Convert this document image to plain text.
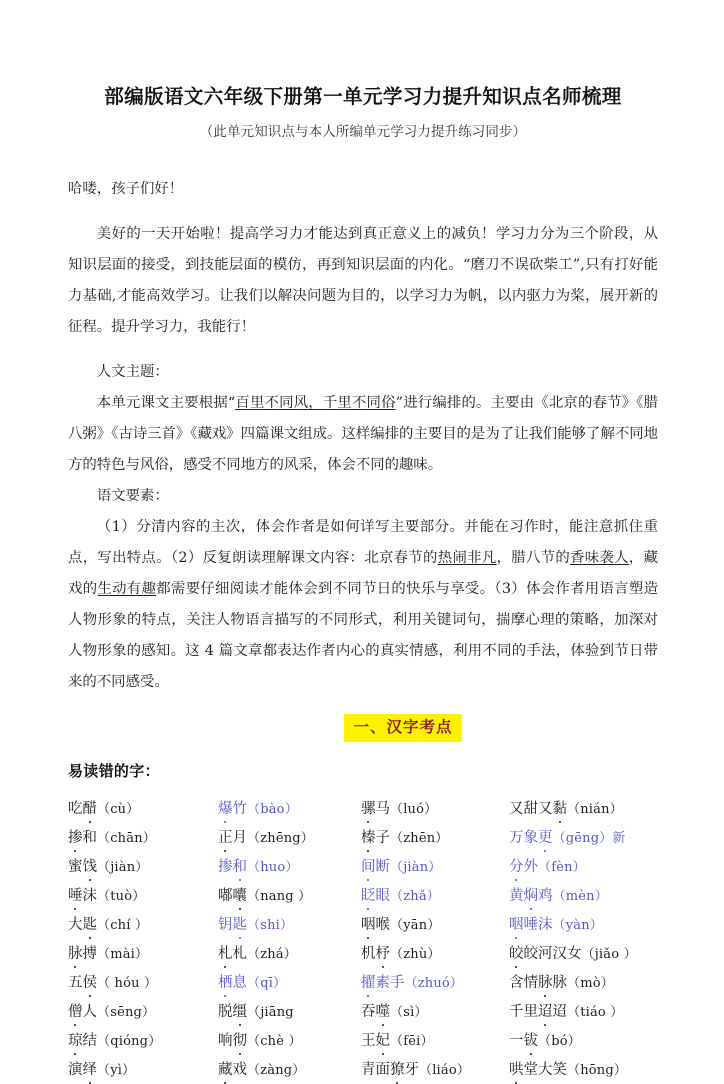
部编版语文六年级下册第一单元学习力提升知识点名师梳理
（此单元知识点与本人所编单元学习力提升练习同步）

哈喽，孩子们好！

美好的一天开始啦！提高学习力才能达到真正意义上的减负！学习力分为三个阶段，从知识层面的接受，到技能层面的模仿，再到知识层面的内化。“磨刀不误砍柴工”,只有打好能力基础,才能高效学习。让我们以解决问题为目的，以学习力为帆，以内驱力为桨，展开新的征程。提升学习力，我能行！

人文主题：

本单元课文主要根据“百里不同风，千里不同俗”进行编排的。主要由《北京的春节》《腊八粥》《古诗三首》《藏戏》四篇课文组成。这样编排的主要目的是为了让我们能够了解不同地方的特色与风俗，感受不同地方的风采，体会不同的趣味。

语文要素：

（1）分清内容的主次，体会作者是如何详写主要部分。并能在习作时，能注意抓住重点，写出特点。（2）反复朗读理解课文内容：北京春节的热闹非凡，腊八节的香味袭人，藏戏的生动有趣都需要仔细阅读才能体会到不同节日的快乐与享受。（3）体会作者用语言塑造人物形象的特点，关注人物语言描写的不同形式，利用关键词句，揣摩心理的策略，加深对人物形象的感知。这 4 篇文章都表达作者内心的真实情感，利用不同的手法，体验到节日带来的不同感受。

一、汉字考点
易读错的字：
吃醋（cù）	爆竹（bào）	骡马（luó）	又甜又黏（nián）
掺和（chān）	正月（zhēng）	榛子（zhēn）	万象更（gēng）新
蜜饯（jiàn）	掺和（huo）	间断（jiàn）	分外（fèn）
唾沫（tuò）	嘟囔（nang ）	眨眼（zhǎ）	黄焖鸡（mèn）
大匙（chí ）	钥匙（shi）	咽喉（yān）	咽唾沫（yàn）
脉搏（mài）	札札（zhá）	机杼（zhù）	皎皎河汉女（jiǎo ）
五侯（ hóu ）	栖息（qī）	擢素手（zhuó）	含情脉脉（mò）
僧人（sēng）	脱缰（jiāng	吞噬（sì）	千里迢迢（tiáo ）
琼结（qióng）	响彻（chè ）	王妃（fēi）	一钹（bó）
演绎（yì）	藏戏（zàng）	青面獠牙（liáo）	哄堂大笑（hōng）
